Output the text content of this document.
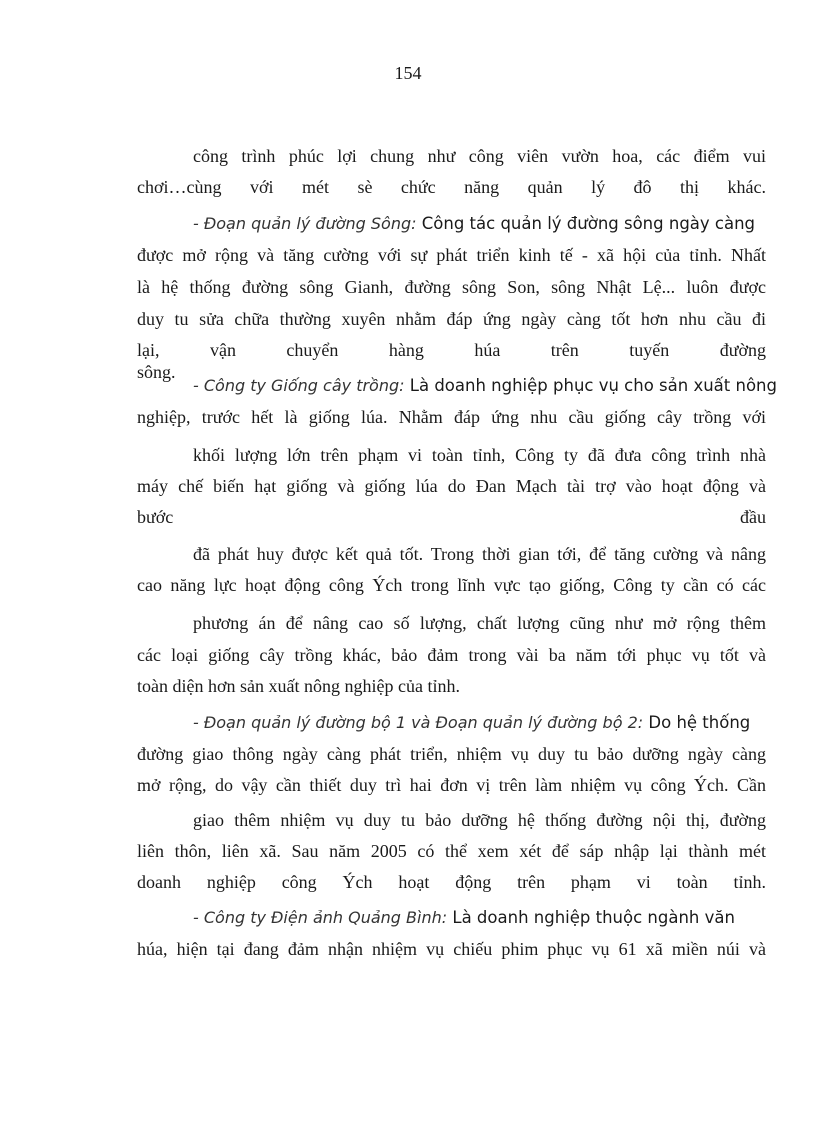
154
công trình phúc lợi chung như công viên vườn hoa, các điểm vui
chơi…cùng với mét sè chức năng quản lý đô thị khác.
- Đoạn quản lý đường Sông: Công tác quản lý đường sông ngày càng
được mở rộng và tăng cường với sự phát triển kinh tế - xã hội của tỉnh. Nhất
là hệ thống đường sông Gianh, đường sông Son, sông Nhật Lệ... luôn được
duy tu sửa chữa thường xuyên nhằm đáp ứng ngày càng tốt hơn nhu cầu đi
lại, vận chuyển hàng húa trên tuyến đường sông.
- Công ty Giống cây trồng: Là doanh nghiệp phục vụ cho sản xuất nông
nghiệp, trước hết là giống lúa. Nhằm đáp ứng nhu cầu giống cây trồng với
khối lượng lớn trên phạm vi toàn tỉnh, Công ty đã đưa công trình nhà
máy chế biến hạt giống và giống lúa do Đan Mạch tài trợ vào hoạt động và
bước đầu
đã phát huy được kết quả tốt. Trong thời gian tới, để tăng cường và nâng
cao năng lực hoạt động công Ých trong lĩnh vực tạo giống, Công ty cần có các
phương án để nâng cao số lượng, chất lượng cũng như mở rộng thêm
các loại giống cây trồng khác, bảo đảm trong vài ba năm tới phục vụ tốt và
toàn diện hơn sản xuất nông nghiệp của tỉnh.
- Đoạn quản lý đường bộ 1 và Đoạn quản lý đường bộ 2: Do hệ thống
đường giao thông ngày càng phát triển, nhiệm vụ duy tu bảo dưỡng ngày càng
mở rộng, do vậy cần thiết duy trì hai đơn vị trên làm nhiệm vụ công Ých. Cần
giao thêm nhiệm vụ duy tu bảo dưỡng hệ thống đường nội thị, đường
liên thôn, liên xã. Sau năm 2005 có thể xem xét để sáp nhập lại thành mét
doanh nghiệp công Ých hoạt động trên phạm vi toàn tỉnh.
- Công ty Điện ảnh Quảng Bình: Là doanh nghiệp thuộc ngành văn
húa, hiện tại đang đảm nhận nhiệm vụ chiếu phim phục vụ 61 xã miền núi và
